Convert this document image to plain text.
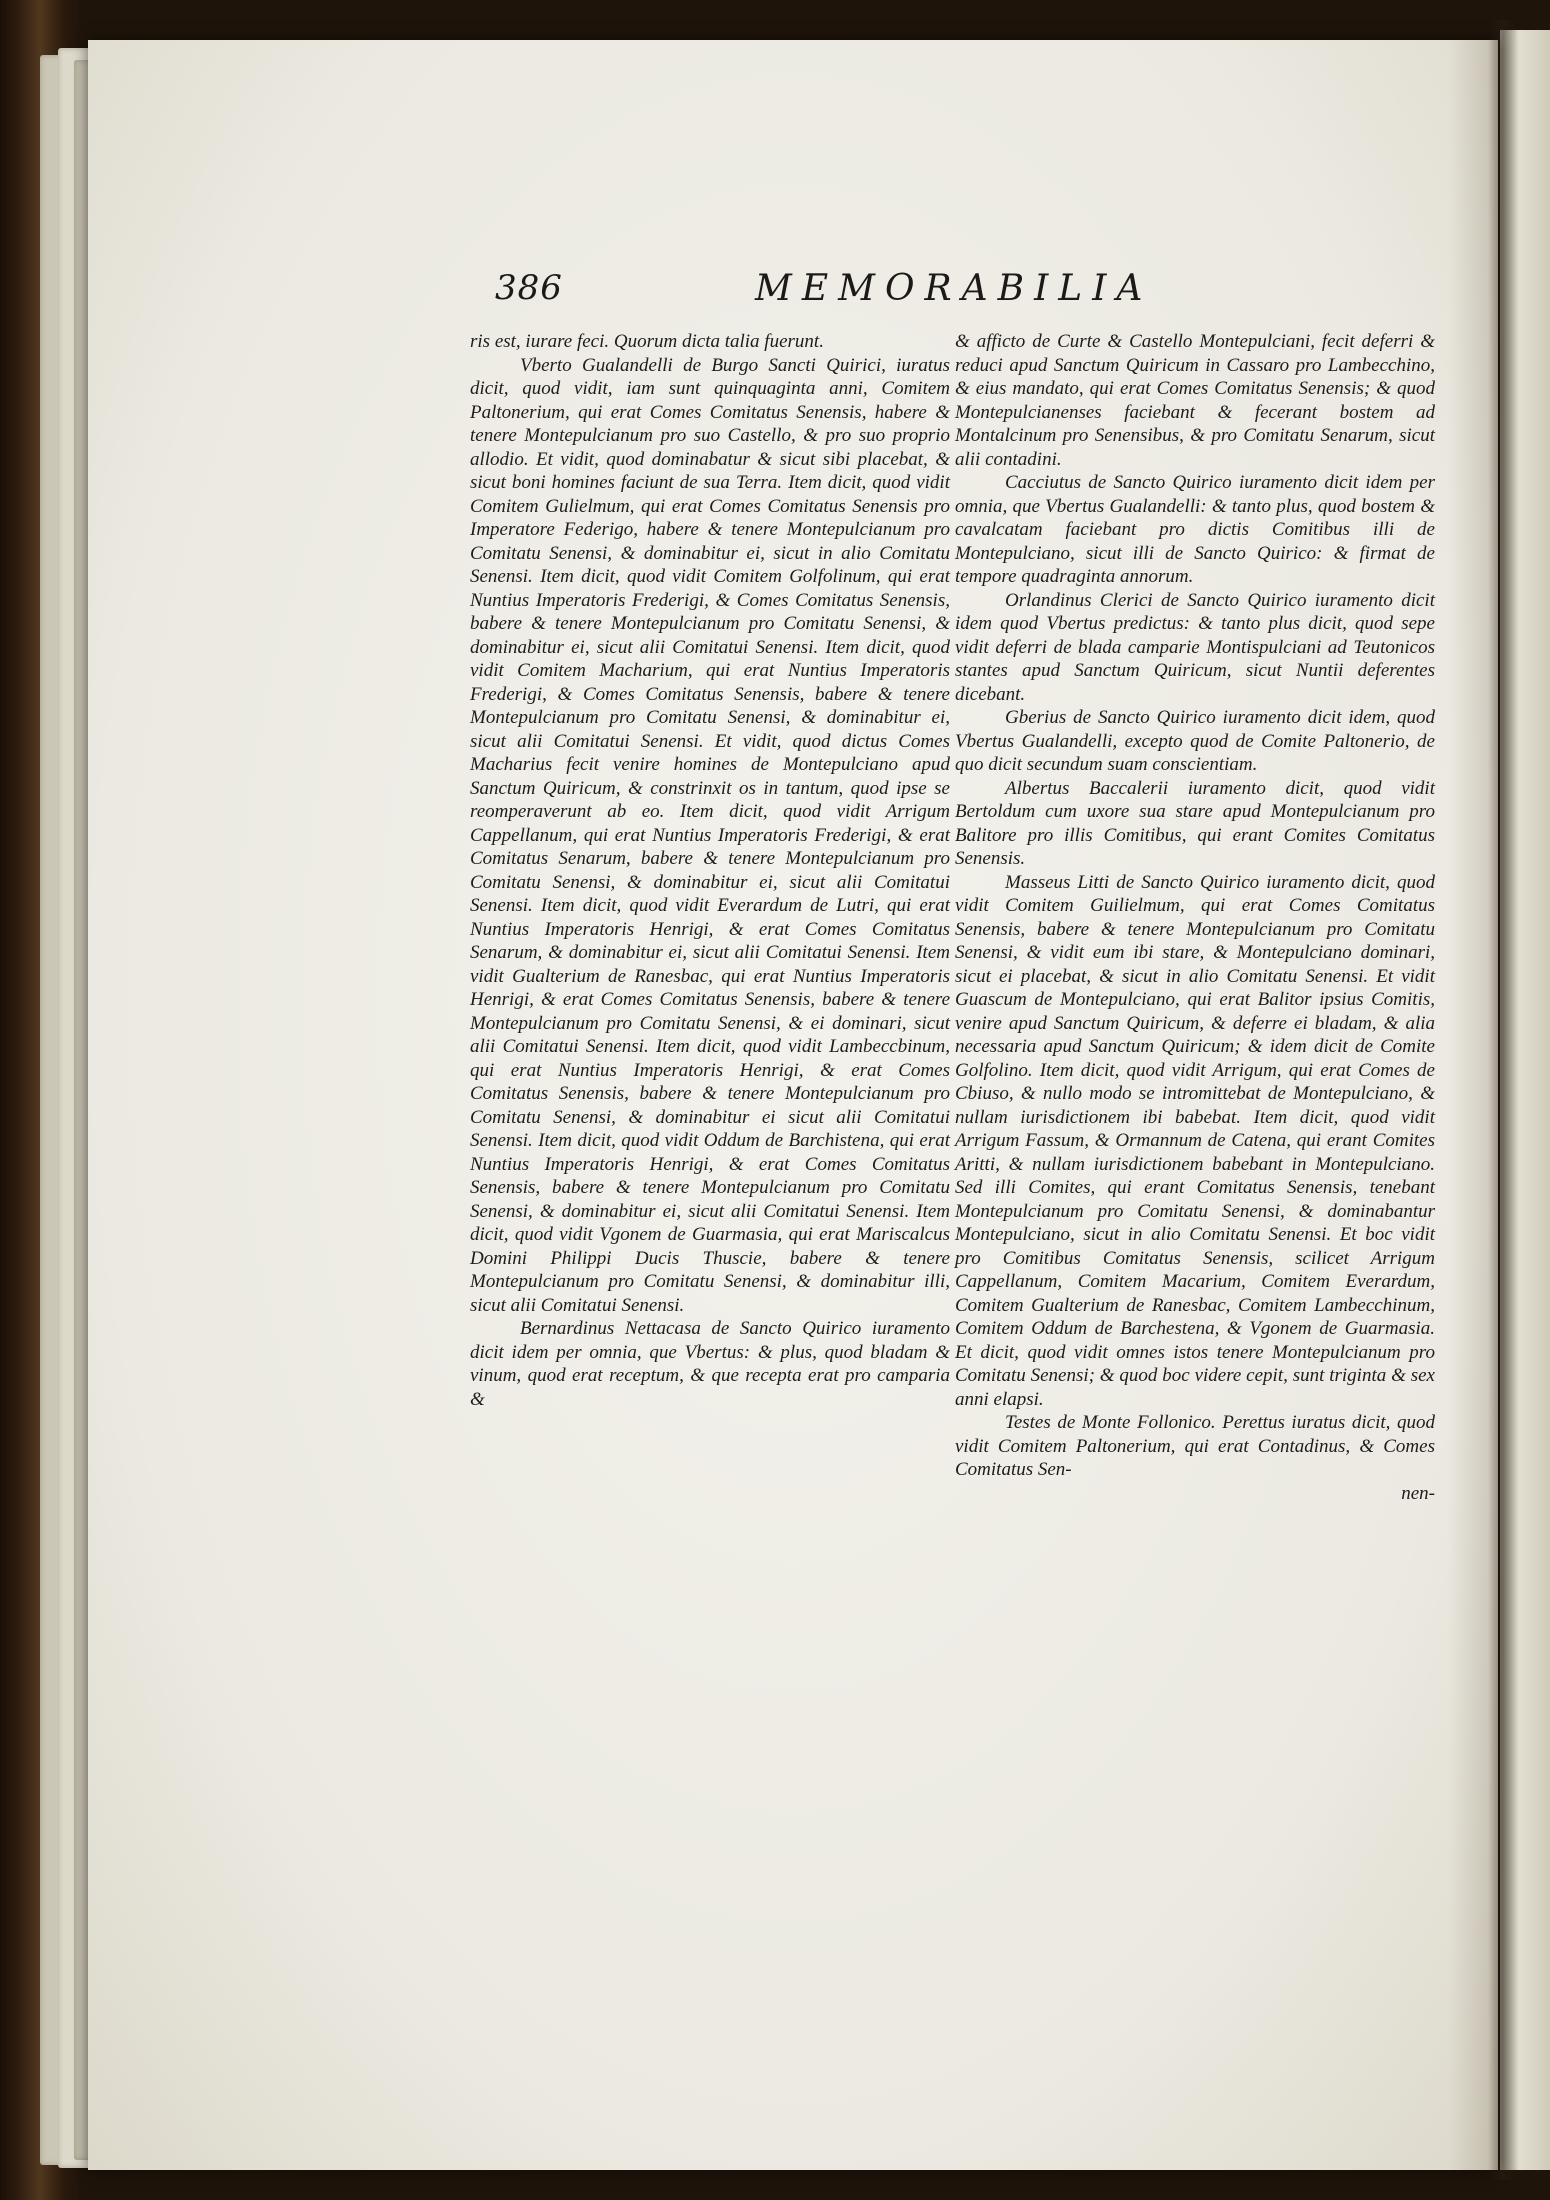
386	MEMORABILIA

ris est, iurare feci. Quorum dicta talia fuerunt.

Vberto Gualandelli de Burgo Sancti Quirici, iuratus dicit, quod vidit, iam sunt quinquaginta anni, Comitem Paltonerium, qui erat Comes Comitatus Senensis, habere & tenere Montepulcianum pro suo Castello, & pro suo proprio allodio. Et vidit, quod dominabatur & sicut sibi placebat, & sicut boni homines faciunt de sua Terra. Item dicit, quod vidit Comitem Gulielmum, qui erat Comes Comitatus Senensis pro Imperatore Federigo, habere & tenere Montepulcianum pro Comitatu Senensi, & dominabitur ei, sicut in alio Comitatu Senensi. Item dicit, quod vidit Comitem Golfolinum, qui erat Nuntius Imperatoris Frederigi, & Comes Comitatus Senensis, babere & tenere Montepulcianum pro Comitatu Senensi, & dominabitur ei, sicut alii Comitatui Senensi. Item dicit, quod vidit Comitem Macharium, qui erat Nuntius Imperatoris Frederigi, & Comes Comitatus Senensis, babere & tenere Montepulcianum pro Comitatu Senensi, & dominabitur ei, sicut alii Comitatui Senensi. Et vidit, quod dictus Comes Macharius fecit venire homines de Montepulciano apud Sanctum Quiricum, & constrinxit os in tantum, quod ipse se reomperaverunt ab eo. Item dicit, quod vidit Arrigum Cappellanum, qui erat Nuntius Imperatoris Frederigi, & erat Comitatus Senarum, babere & tenere Montepulcianum pro Comitatu Senensi, & dominabitur ei, sicut alii Comitatui Senensi. Item dicit, quod vidit Everardum de Lutri, qui erat Nuntius Imperatoris Henrigi, & erat Comes Comitatus Senarum, & dominabitur ei, sicut alii Comitatui Senensi. Item vidit Gualterium de Ranesbac, qui erat Nuntius Imperatoris Henrigi, & erat Comes Comitatus Senensis, babere & tenere Montepulcianum pro Comitatu Senensi, & ei dominari, sicut alii Comitatui Senensi. Item dicit, quod vidit Lambeccbinum, qui erat Nuntius Imperatoris Henrigi, & erat Comes Comitatus Senensis, babere & tenere Montepulcianum pro Comitatu Senensi, & dominabitur ei sicut alii Comitatui Senensi. Item dicit, quod vidit Oddum de Barchistena, qui erat Nuntius Imperatoris Henrigi, & erat Comes Comitatus Senensis, babere & tenere Montepulcianum pro Comitatu Senensi, & dominabitur ei, sicut alii Comitatui Senensi. Item dicit, quod vidit Vgonem de Guarmasia, qui erat Mariscalcus Domini Philippi Ducis Thuscie, babere & tenere Montepulcianum pro Comitatu Senensi, & dominabitur illi, sicut alii Comitatui Senensi.

Bernardinus Nettacasa de Sancto Quirico iuramento dicit idem per omnia, que Vbertus: & plus, quod bladam & vinum, quod erat receptum, & que recepta erat pro camparia &

& afficto de Curte & Castello Montepulciani, fecit deferri & reduci apud Sanctum Quiricum in Cassaro pro Lambecchino, & eius mandato, qui erat Comes Comitatus Senensis; & quod Montepulcianenses faciebant & fecerant bostem ad Montalcinum pro Senensibus, & pro Comitatu Senarum, sicut alii contadini.

Cacciutus de Sancto Quirico iuramento dicit idem per omnia, que Vbertus Gualandelli: & tanto plus, quod bostem & cavalcatam faciebant pro dictis Comitibus illi de Montepulciano, sicut illi de Sancto Quirico: & firmat de tempore quadraginta annorum.

Orlandinus Clerici de Sancto Quirico iuramento dicit idem quod Vbertus predictus: & tanto plus dicit, quod sepe vidit deferri de blada camparie Montispulciani ad Teutonicos stantes apud Sanctum Quiricum, sicut Nuntii deferentes dicebant.

Gberius de Sancto Quirico iuramento dicit idem, quod Vbertus Gualandelli, excepto quod de Comite Paltonerio, de quo dicit secundum suam conscientiam.

Albertus Baccalerii iuramento dicit, quod vidit Bertoldum cum uxore sua stare apud Montepulcianum pro Balitore pro illis Comitibus, qui erant Comites Comitatus Senensis.

Masseus Litti de Sancto Quirico iuramento dicit, quod vidit Comitem Guilielmum, qui erat Comes Comitatus Senensis, babere & tenere Montepulcianum pro Comitatu Senensi, & vidit eum ibi stare, & Montepulciano dominari, sicut ei placebat, & sicut in alio Comitatu Senensi. Et vidit Guascum de Montepulciano, qui erat Balitor ipsius Comitis, venire apud Sanctum Quiricum, & deferre ei bladam, & alia necessaria apud Sanctum Quiricum; & idem dicit de Comite Golfolino. Item dicit, quod vidit Arrigum, qui erat Comes de Cbiuso, & nullo modo se intromittebat de Montepulciano, & nullam iurisdictionem ibi babebat. Item dicit, quod vidit Arrigum Fassum, & Ormannum de Catena, qui erant Comites Aritti, & nullam iurisdictionem babebant in Montepulciano. Sed illi Comites, qui erant Comitatus Senensis, tenebant Montepulcianum pro Comitatu Senensi, & dominabantur Montepulciano, sicut in alio Comitatu Senensi. Et boc vidit pro Comitibus Comitatus Senensis, scilicet Arrigum Cappellanum, Comitem Macarium, Comitem Everardum, Comitem Gualterium de Ranesbac, Comitem Lambecchinum, Comitem Oddum de Barchestena, & Vgonem de Guarmasia. Et dicit, quod vidit omnes istos tenere Montepulcianum pro Comitatu Senensi; & quod boc videre cepit, sunt triginta & sex anni elapsi.

Testes de Monte Follonico. Perettus iuratus dicit, quod vidit Comitem Paltonerium, qui erat Contadinus, & Comes Comitatus Sen-

nen-
